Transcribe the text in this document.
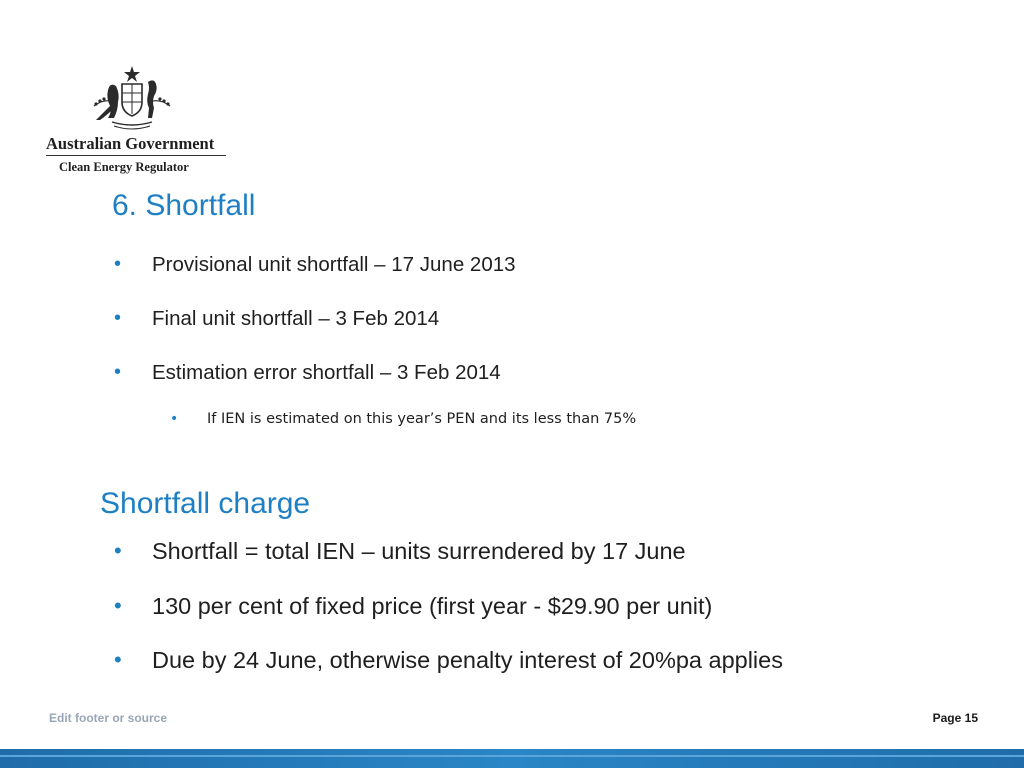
Australian Government
Clean Energy Regulator
6. Shortfall
• Provisional unit shortfall – 17 June 2013
• Final unit shortfall – 3 Feb 2014
• Estimation error shortfall – 3 Feb 2014
• If IEN is estimated on this year’s PEN and its less than 75%
Shortfall charge
• Shortfall = total IEN – units surrendered by 17 June
• 130 per cent of fixed price (first year - $29.90 per unit)
• Due by 24 June, otherwise penalty interest of 20%pa applies
Edit footer or source	Page 15
